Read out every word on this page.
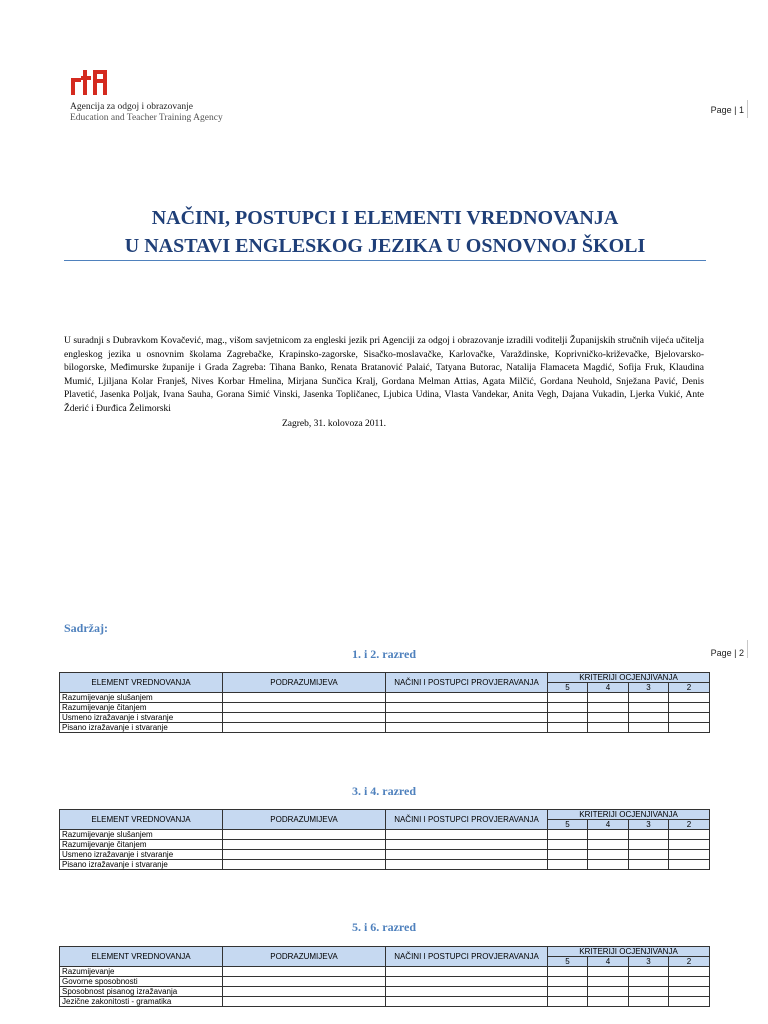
Agencija za odgoj i obrazovanje
Education and Teacher Training Agency
Page | 1
Page | 2
NAČINI, POSTUPCI I ELEMENTI VREDNOVANJA
U NASTAVI ENGLESKOG JEZIKA U OSNOVNOJ ŠKOLI
U suradnji s Dubravkom Kovačević, mag., višom savjetnicom za engleski jezik pri Agenciji za odgoj i obrazovanje izradili voditelji Županijskih stručnih vijeća učitelja engleskog jezika u osnovnim školama Zagrebačke, Krapinsko-zagorske, Sisačko-moslavačke, Karlovačke, Varaždinske, Koprivničko-križevačke, Bjelovarsko-bilogorske, Međimurske županije i Grada Zagreba: Tihana Banko, Renata Bratanović Palaić, Tatyana Butorac, Natalija Flamaceta Magdić, Sofija Fruk, Klaudina Mumić, Ljiljana Kolar Franješ, Nives Korbar Hmelina, Mirjana Sunčica Kralj, Gordana Melman Attias, Agata Milčić, Gordana Neuhold, Snježana Pavić, Denis Plavetić, Jasenka Poljak, Ivana Sauha, Gorana Simić Vinski, Jasenka Topličanec, Ljubica Udina, Vlasta Vandekar, Anita Vegh, Dajana Vukadin, Ljerka Vukić, Ante Žderić i Đurđica Želimorski
Zagreb, 31. kolovoza 2011.
Sadržaj:
1. i 2. razred
ELEMENT VREDNOVANJA	PODRAZUMIJEVA	NAČINI I POSTUPCI PROVJERAVANJA	KRITERIJI OCJENJIVANJA			
			5	4	3	2
Razumijevanje slušanjem						
Razumijevanje čitanjem						
Usmeno izražavanje i stvaranje						
Pisano izražavanje i stvaranje						
3. i 4. razred
ELEMENT VREDNOVANJA	PODRAZUMIJEVA	NAČINI I POSTUPCI PROVJERAVANJA	KRITERIJI OCJENJIVANJA			
			5	4	3	2
Razumijevanje slušanjem						
Razumijevanje čitanjem						
Usmeno izražavanje i stvaranje						
Pisano izražavanje i stvaranje						
5. i 6. razred
ELEMENT VREDNOVANJA	PODRAZUMIJEVA	NAČINI I POSTUPCI PROVJERAVANJA	KRITERIJI OCJENJIVANJA			
			5	4	3	2
Razumijevanje						
Govorne sposobnosti						
Sposobnost pisanog izražavanja						
Jezične zakonitosti - gramatika						
